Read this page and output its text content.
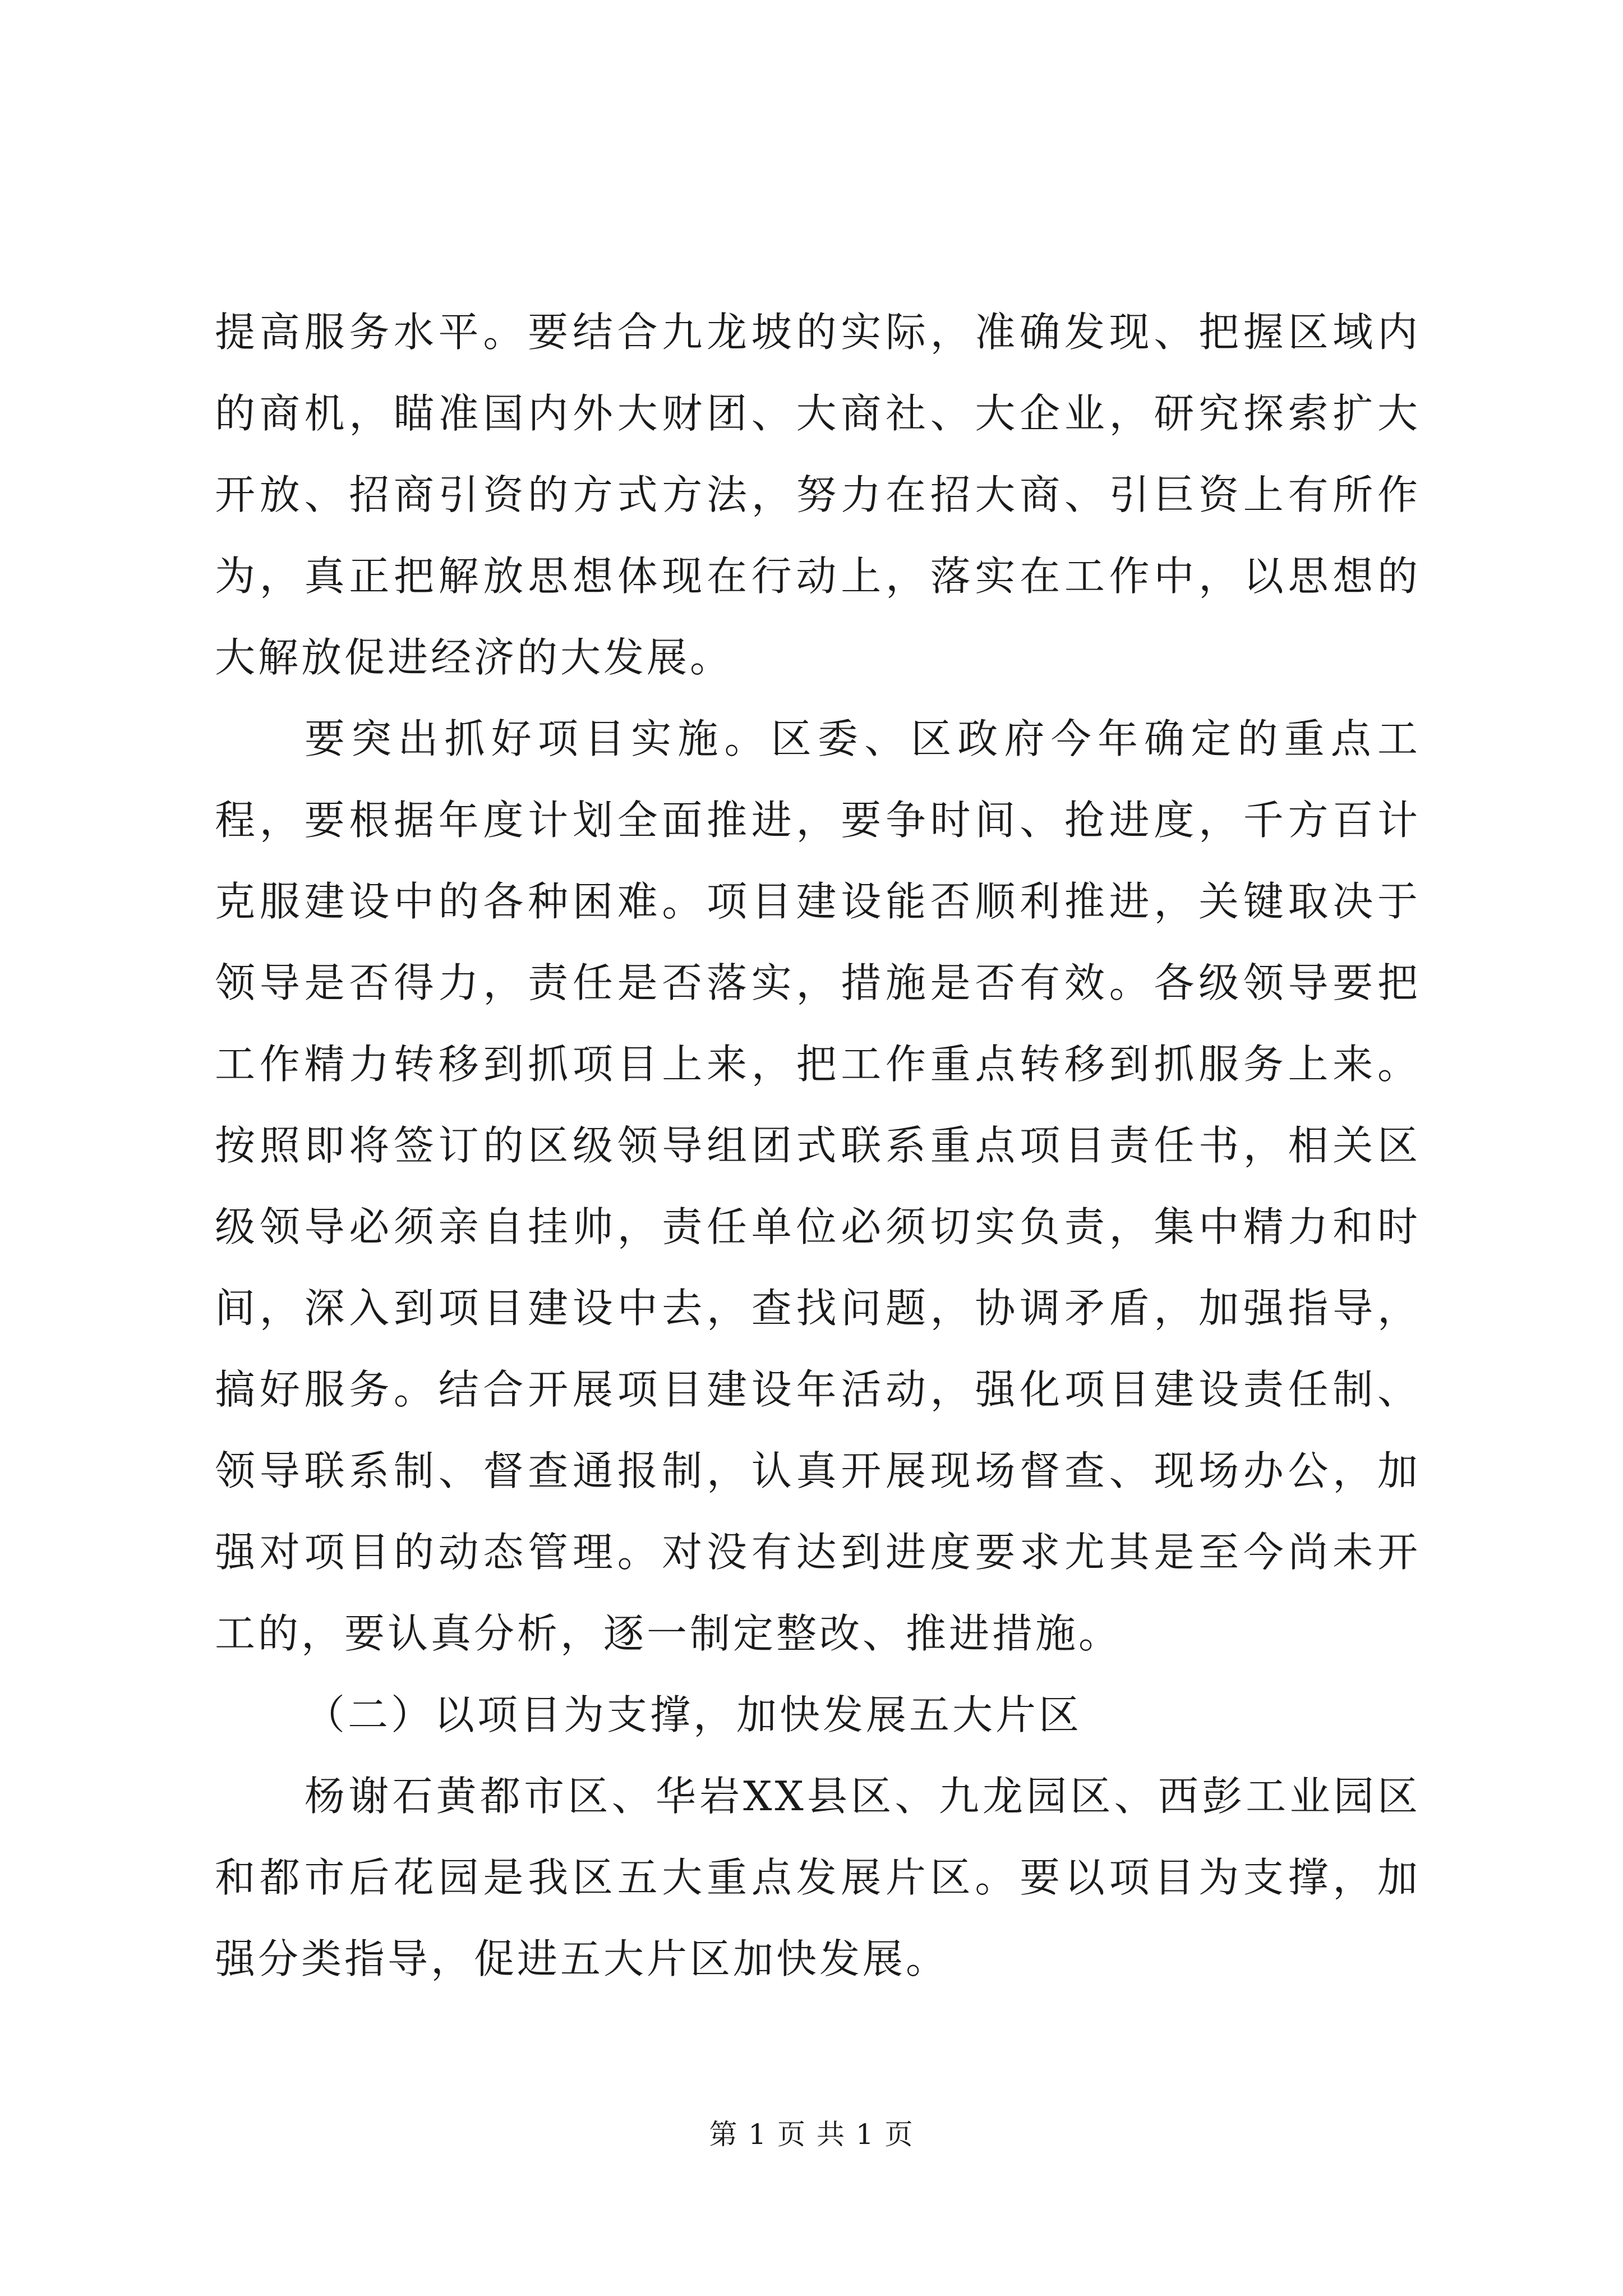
提高服务水平。要结合九龙坡的实际，准确发现、把握区域内的商机，瞄准国内外大财团、大商社、大企业，研究探索扩大开放、招商引资的方式方法，努力在招大商、引巨资上有所作为，真正把解放思想体现在行动上，落实在工作中，以思想的大解放促进经济的大发展。

要突出抓好项目实施。区委、区政府今年确定的重点工程，要根据年度计划全面推进，要争时间、抢进度，千方百计克服建设中的各种困难。项目建设能否顺利推进，关键取决于领导是否得力，责任是否落实，措施是否有效。各级领导要把工作精力转移到抓项目上来，把工作重点转移到抓服务上来。按照即将签订的区级领导组团式联系重点项目责任书，相关区级领导必须亲自挂帅，责任单位必须切实负责，集中精力和时间，深入到项目建设中去，查找问题，协调矛盾，加强指导，搞好服务。结合开展项目建设年活动，强化项目建设责任制、领导联系制、督查通报制，认真开展现场督查、现场办公，加强对项目的动态管理。对没有达到进度要求尤其是至今尚未开工的，要认真分析，逐一制定整改、推进措施。

（二）以项目为支撑，加快发展五大片区

杨谢石黄都市区、华岩XX县区、九龙园区、西彭工业园区和都市后花园是我区五大重点发展片区。要以项目为支撑，加强分类指导，促进五大片区加快发展。

第 1 页 共 1 页
